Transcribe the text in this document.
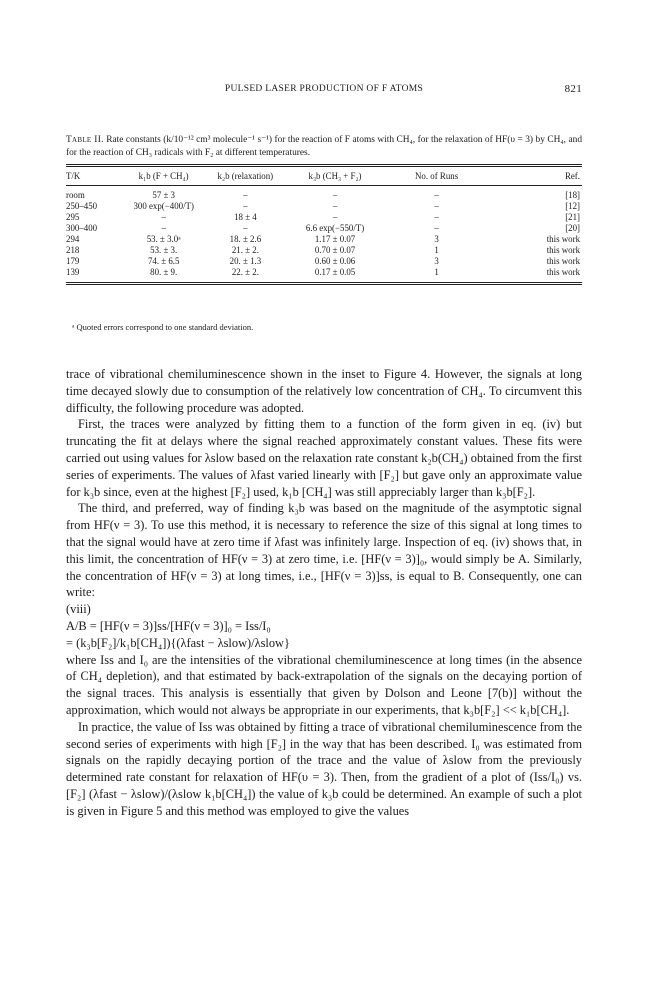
PULSED LASER PRODUCTION OF F ATOMS	821
Table II. Rate constants (k/10⁻¹² cm³ molecule⁻¹ s⁻¹) for the reaction of F atoms with CH₄, for the relaxation of HF(υ = 3) by CH₄, and for the reaction of CH₃ radicals with F₂ at different temperatures.
T/K	k₁b (F + CH₄)	k₂b (relaxation)	k₃b (CH₃ + F₂)	No. of Runs	Ref.
room	57 ± 3	–	–	–	[18]
250–450	300 exp(−400/T)	–	–	–	[12]
295	–	18 ± 4	–	–	[21]
300–400	–	–	6.6 exp(−550/T)	–	[20]
294	53. ± 3.0ᵃ	18. ± 2.6	1.17 ± 0.07	3	this work
218	53. ± 3.	21. ± 2.	0.70 ± 0.07	1	this work
179	74. ± 6.5	20. ± 1.3	0.60 ± 0.06	3	this work
139	80. ± 9.	22. ± 2.	0.17 ± 0.05	1	this work
ᵃ Quoted errors correspond to one standard deviation.

trace of vibrational chemiluminescence shown in the inset to Figure 4. However, the signals at long time decayed slowly due to consumption of the relatively low concentration of CH₄. To circumvent this difficulty, the following procedure was adopted.

First, the traces were analyzed by fitting them to a function of the form given in eq. (iv) but truncating the fit at delays where the signal reached approximately constant values. These fits were carried out using values for λslow based on the relaxation rate constant k₂b(CH₄) obtained from the first series of experiments. The values of λfast varied linearly with [F₂] but gave only an approximate value for k₃b since, even at the highest [F₂] used, k₁b [CH₄] was still appreciably larger than k₃b[F₂].

The third, and preferred, way of finding k₃b was based on the magnitude of the asymptotic signal from HF(ν = 3). To use this method, it is necessary to reference the size of this signal at long times to that the signal would have at zero time if λfast was infinitely large. Inspection of eq. (iv) shows that, in this limit, the concentration of HF(ν = 3) at zero time, i.e. [HF(ν = 3)]₀, would simply be A. Similarly, the concentration of HF(ν = 3) at long times, i.e., [HF(ν = 3)]ss, is equal to B. Consequently, one can write:

(viii)

A/B = [HF(ν = 3)]ss/[HF(ν = 3)]₀ = Iss/I₀

= (k₃b[F₂]/k₁b[CH₄]){(λfast − λslow)/λslow}

where Iss and I₀ are the intensities of the vibrational chemiluminescence at long times (in the absence of CH₄ depletion), and that estimated by back-extrapolation of the signals on the decaying portion of the signal traces. This analysis is essentially that given by Dolson and Leone [7(b)] without the approximation, which would not always be appropriate in our experiments, that k₃b[F₂] << k₁b[CH₄].

In practice, the value of Iss was obtained by fitting a trace of vibrational chemiluminescence from the second series of experiments with high [F₂] in the way that has been described. I₀ was estimated from signals on the rapidly decaying portion of the trace and the value of λslow from the previously determined rate constant for relaxation of HF(υ = 3). Then, from the gradient of a plot of (Iss/I₀) vs. [F₂] (λfast − λslow)/(λslow k₁b[CH₄]) the value of k₃b could be determined. An example of such a plot is given in Figure 5 and this method was employed to give the values
